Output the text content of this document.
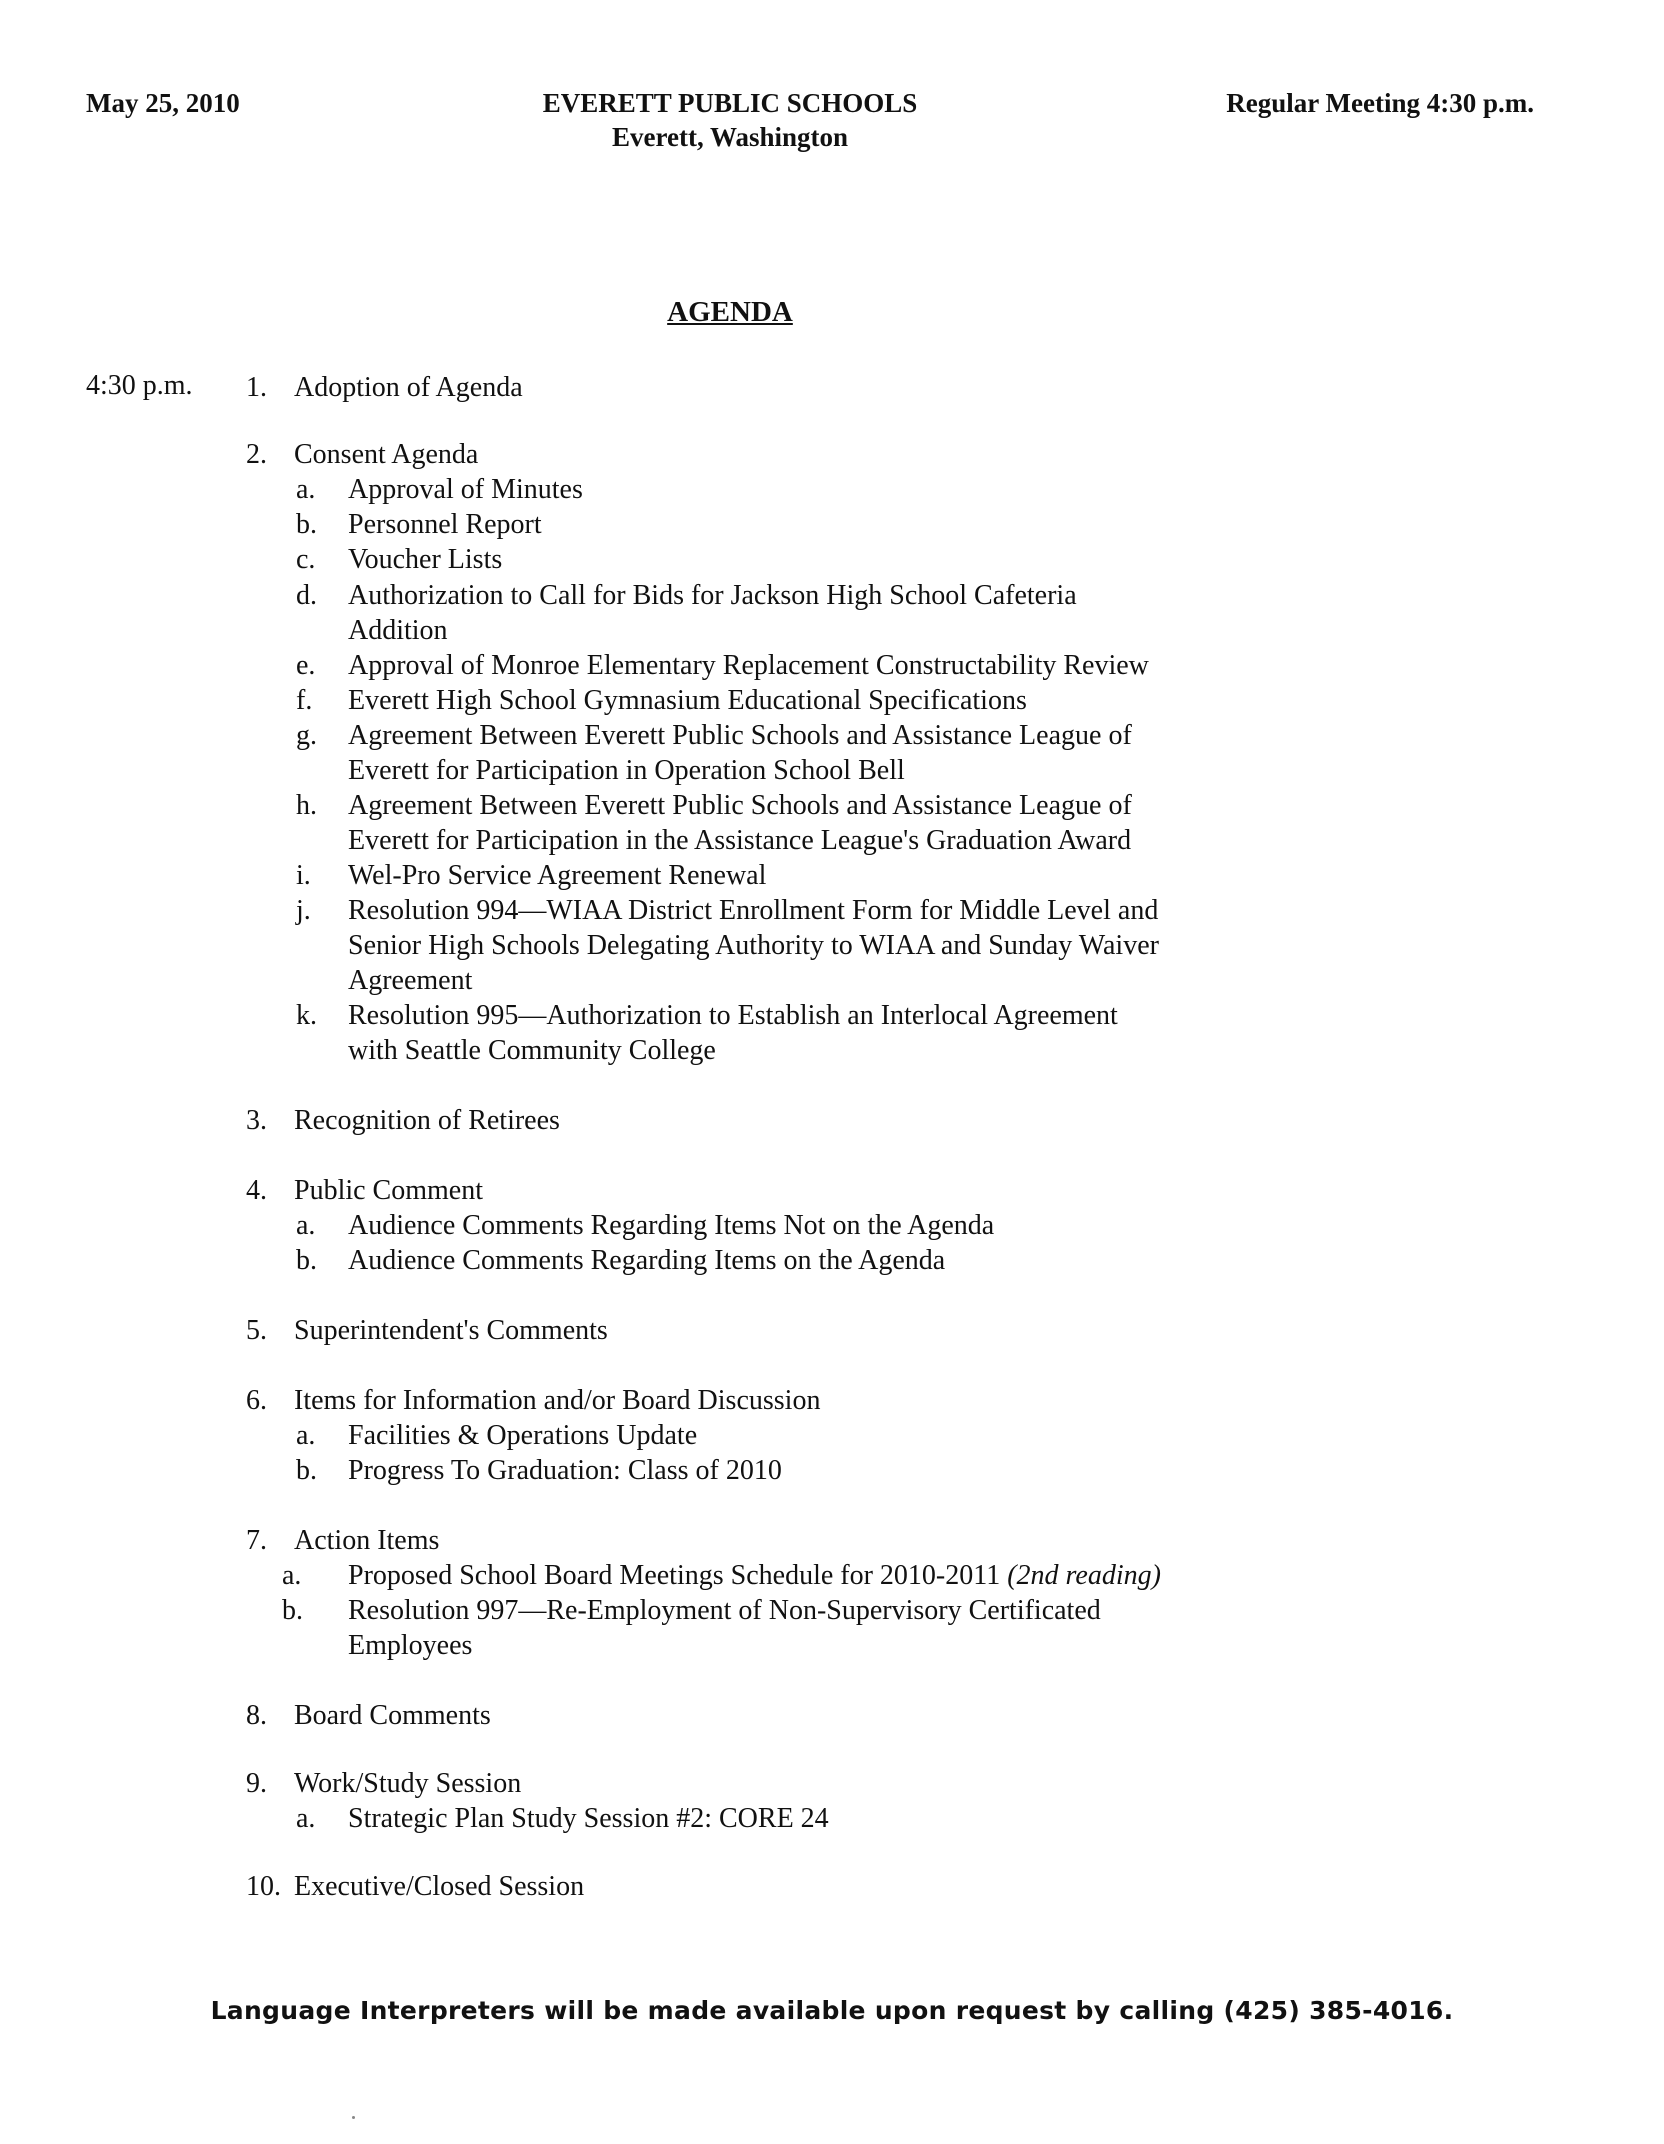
May 25, 2010	EVERETT PUBLIC SCHOOLS
Everett, Washington
Regular Meeting 4:30 p.m.
AGENDA
4:30 p.m. 1. Adoption of Agenda
2. Consent Agenda
a. Approval of Minutes
b. Personnel Report
c. Voucher Lists
d. Authorization to Call for Bids for Jackson High School Cafeteria
Addition
e. Approval of Monroe Elementary Replacement Constructability Review
f. Everett High School Gymnasium Educational Specifications
g. Agreement Between Everett Public Schools and Assistance League of
Everett for Participation in Operation School Bell
h. Agreement Between Everett Public Schools and Assistance League of
Everett for Participation in the Assistance League's Graduation Award
i. Wel-Pro Service Agreement Renewal
j. Resolution 994—WIAA District Enrollment Form for Middle Level and
Senior High Schools Delegating Authority to WIAA and Sunday Waiver
Agreement
k. Resolution 995—Authorization to Establish an Interlocal Agreement
with Seattle Community College
3. Recognition of Retirees
4. Public Comment
a. Audience Comments Regarding Items Not on the Agenda
b. Audience Comments Regarding Items on the Agenda
5. Superintendent's Comments
6. Items for Information and/or Board Discussion
a. Facilities & Operations Update
b. Progress To Graduation: Class of 2010
7. Action Items
a. Proposed School Board Meetings Schedule for 2010-2011 (2nd reading)
b. Resolution 997—Re-Employment of Non-Supervisory Certificated
Employees
8. Board Comments
9. Work/Study Session
a. Strategic Plan Study Session #2: CORE 24
10. Executive/Closed Session
Language Interpreters will be made available upon request by calling (425) 385-4016.
